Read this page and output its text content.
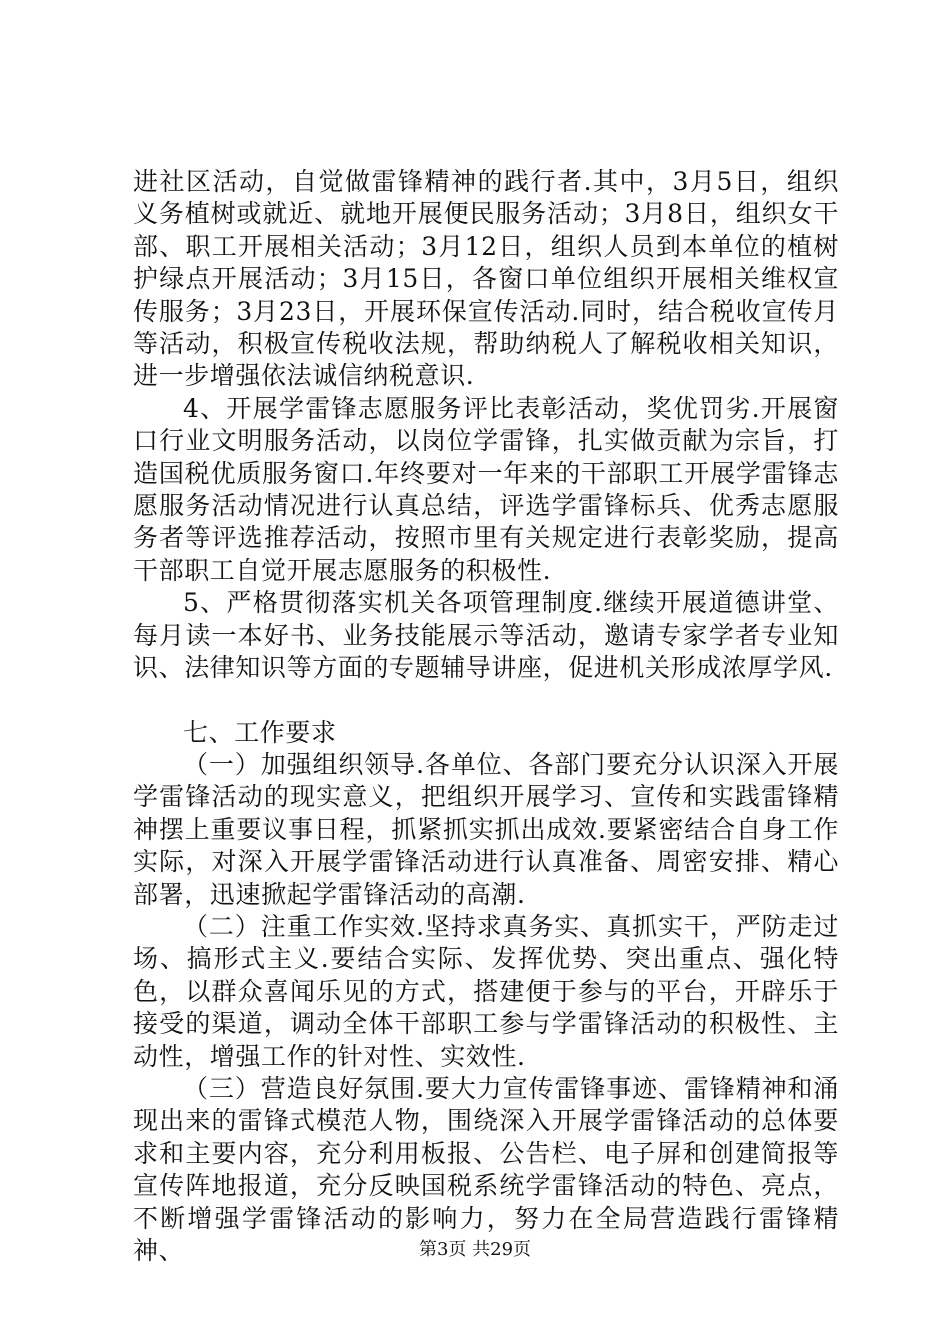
进社区活动，自觉做雷锋精神的践行者.其中，3月5日，组织义务植树或就近、就地开展便民服务活动；3月8日，组织女干部、职工开展相关活动；3月12日，组织人员到本单位的植树护绿点开展活动；3月15日，各窗口单位组织开展相关维权宣传服务；3月23日，开展环保宣传活动.同时，结合税收宣传月等活动，积极宣传税收法规，帮助纳税人了解税收相关知识，进一步增强依法诚信纳税意识.

4、开展学雷锋志愿服务评比表彰活动，奖优罚劣.开展窗口行业文明服务活动，以岗位学雷锋，扎实做贡献为宗旨，打造国税优质服务窗口.年终要对一年来的干部职工开展学雷锋志愿服务活动情况进行认真总结，评选学雷锋标兵、优秀志愿服务者等评选推荐活动，按照市里有关规定进行表彰奖励，提高干部职工自觉开展志愿服务的积极性.

5、严格贯彻落实机关各项管理制度.继续开展道德讲堂、每月读一本好书、业务技能展示等活动，邀请专家学者专业知识、法律知识等方面的专题辅导讲座，促进机关形成浓厚学风.

七、工作要求

（一）加强组织领导.各单位、各部门要充分认识深入开展学雷锋活动的现实意义，把组织开展学习、宣传和实践雷锋精神摆上重要议事日程，抓紧抓实抓出成效.要紧密结合自身工作实际，对深入开展学雷锋活动进行认真准备、周密安排、精心部署，迅速掀起学雷锋活动的高潮.

（二）注重工作实效.坚持求真务实、真抓实干，严防走过场、搞形式主义.要结合实际、发挥优势、突出重点、强化特色，以群众喜闻乐见的方式，搭建便于参与的平台，开辟乐于接受的渠道，调动全体干部职工参与学雷锋活动的积极性、主动性，增强工作的针对性、实效性.

（三）营造良好氛围.要大力宣传雷锋事迹、雷锋精神和涌现出来的雷锋式模范人物，围绕深入开展学雷锋活动的总体要求和主要内容，充分利用板报、公告栏、电子屏和创建简报等宣传阵地报道，充分反映国税系统学雷锋活动的特色、亮点，不断增强学雷锋活动的影响力，努力在全局营造践行雷锋精神、	第3页 共29页
